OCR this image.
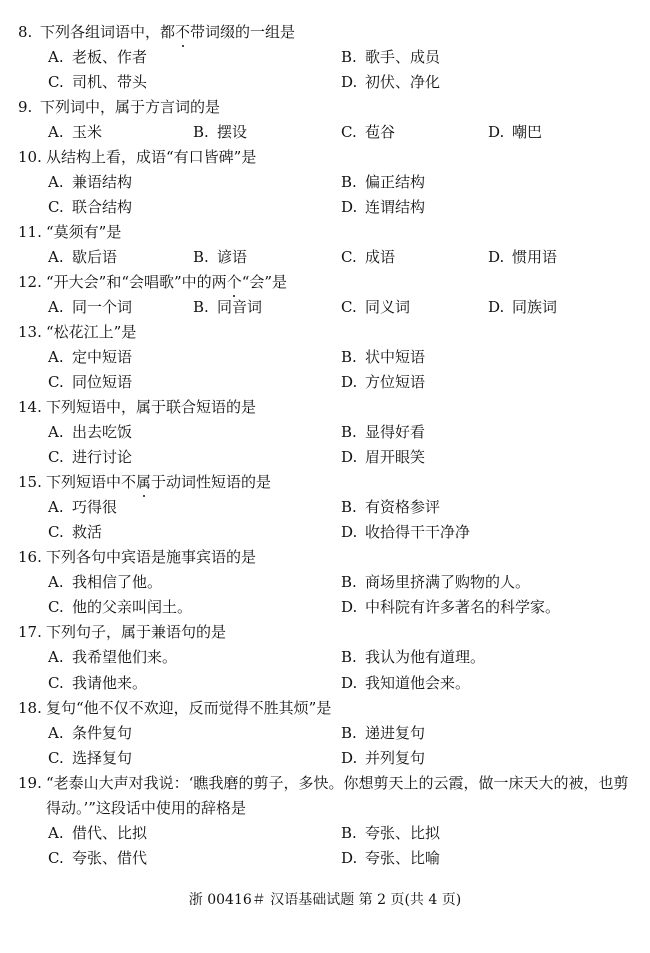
8. 下列各组词语中，都不带词缀的一组是
A. 老板、作者	B. 歌手、成员
C. 司机、带头	D. 初伏、净化
9. 下列词中，属于方言词的是
A. 玉米	B. 摆设	C. 苞谷	D. 嘲巴
10. 从结构上看，成语“有口皆碑”是
A. 兼语结构	B. 偏正结构
C. 联合结构	D. 连谓结构
11. “莫须有”是
A. 歇后语	B. 谚语	C. 成语	D. 惯用语
12. “开大会”和“会唱歌”中的两个“会”是
A. 同一个词	B. 同音词	C. 同义词	D. 同族词
13. “松花江上”是
A. 定中短语	B. 状中短语
C. 同位短语	D. 方位短语
14. 下列短语中，属于联合短语的是
A. 出去吃饭	B. 显得好看
C. 进行讨论	D. 眉开眼笑
15. 下列短语中不属于动词性短语的是
A. 巧得很	B. 有资格参评
C. 救活	D. 收拾得干干净净
16. 下列各句中宾语是施事宾语的是
A. 我相信了他。	B. 商场里挤满了购物的人。
C. 他的父亲叫闰土。	D. 中科院有许多著名的科学家。
17. 下列句子，属于兼语句的是
A. 我希望他们来。	B. 我认为他有道理。
C. 我请他来。	D. 我知道他会来。
18. 复句“他不仅不欢迎，反而觉得不胜其烦”是
A. 条件复句	B. 递进复句
C. 选择复句	D. 并列复句
19. “老泰山大声对我说：‘瞧我磨的剪子，多快。你想剪天上的云霞，做一床天大的被，也剪
得动。’”这段话中使用的辞格是
A. 借代、比拟	B. 夸张、比拟
C. 夸张、借代	D. 夸张、比喻
浙 00416＃ 汉语基础试题 第 2 页(共 4 页)
